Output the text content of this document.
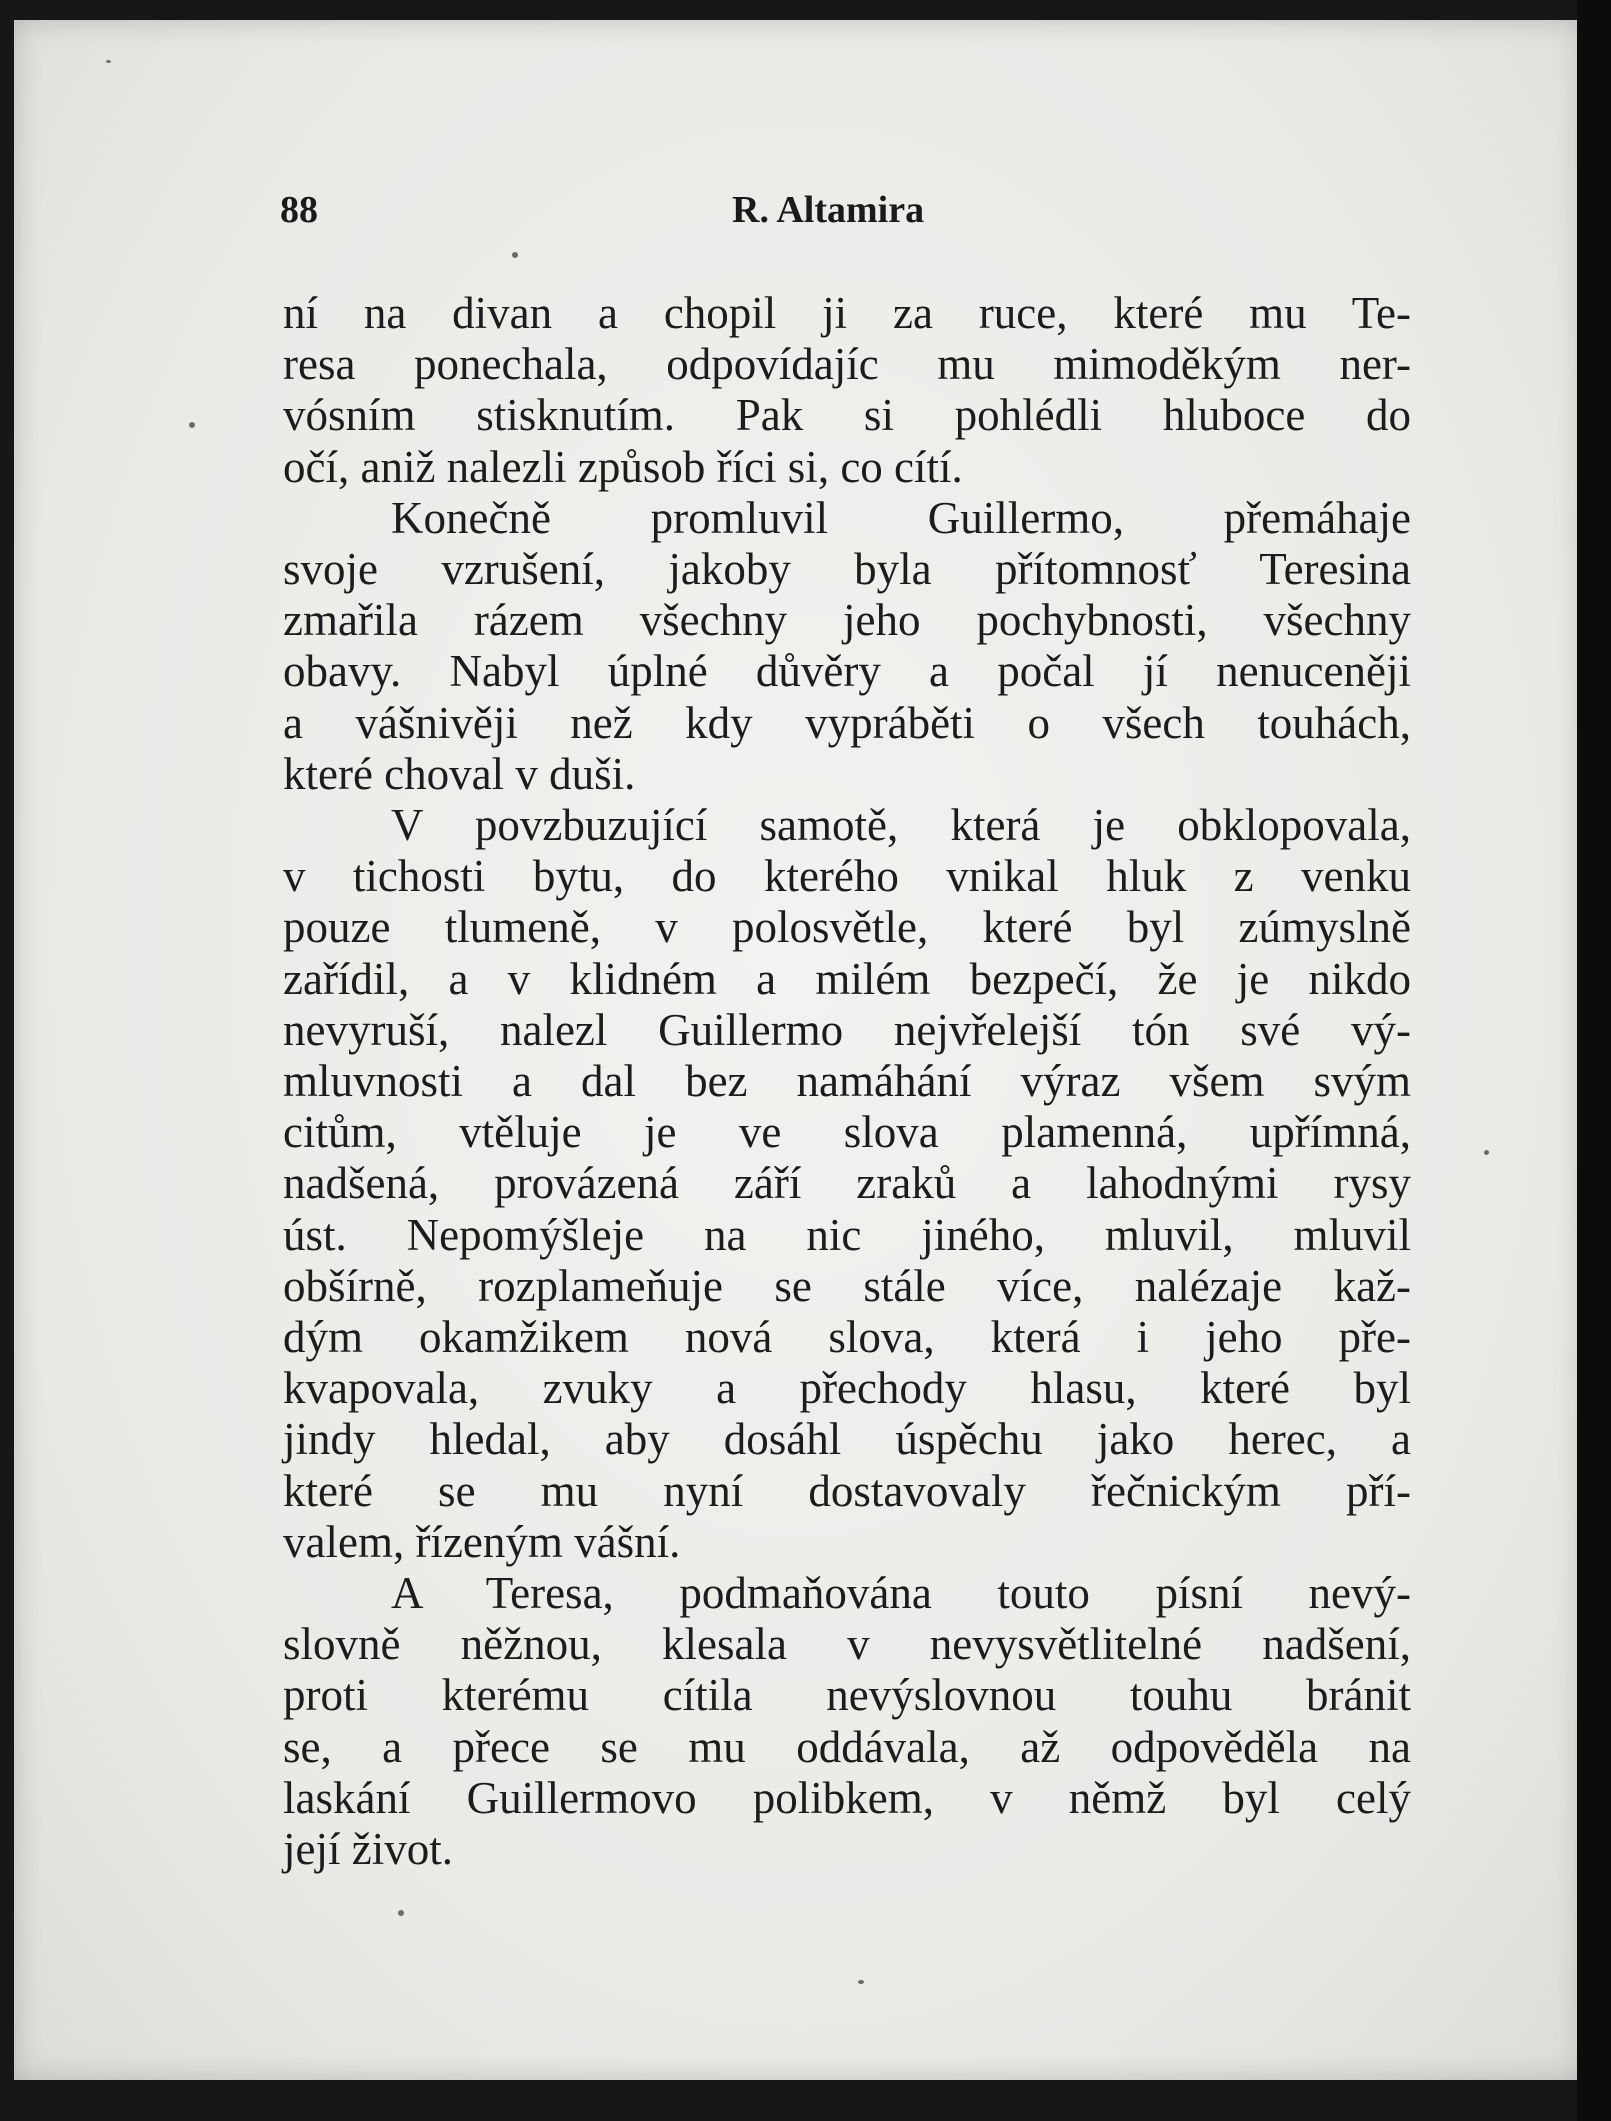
88	R. Altamira
ní na divan a chopil ji za ruce, které mu Te-
resa ponechala, odpovídajíc mu mimoděkým ner-
vósním stisknutím. Pak si pohlédli hluboce do
očí, aniž nalezli způsob říci si, co cítí.
Konečně promluvil Guillermo, přemáhaje
svoje vzrušení, jakoby byla přítomnosť Teresina
zmařila rázem všechny jeho pochybnosti, všechny
obavy. Nabyl úplné důvěry a počal jí nenuceněji
a vášnivěji než kdy vypráběti o všech touhách,
které choval v duši.
V povzbuzující samotě, která je obklopovala,
v tichosti bytu, do kterého vnikal hluk z venku
pouze tlumeně, v polosvětle, které byl zúmyslně
zařídil, a v klidném a milém bezpečí, že je nikdo
nevyruší, nalezl Guillermo nejvřelejší tón své vý-
mluvnosti a dal bez namáhání výraz všem svým
citům, vtěluje je ve slova plamenná, upřímná,
nadšená, provázená září zraků a lahodnými rysy
úst. Nepomýšleje na nic jiného, mluvil, mluvil
obšírně, rozplameňuje se stále více, nalézaje kaž-
dým okamžikem nová slova, která i jeho pře-
kvapovala, zvuky a přechody hlasu, které byl
jindy hledal, aby dosáhl úspěchu jako herec, a
které se mu nyní dostavovaly řečnickým pří-
valem, řízeným vášní.
A Teresa, podmaňována touto písní nevý-
slovně něžnou, klesala v nevysvětlitelné nadšení,
proti kterému cítila nevýslovnou touhu bránit
se, a přece se mu oddávala, až odpověděla na
laskání Guillermovo polibkem, v němž byl celý
její život.
